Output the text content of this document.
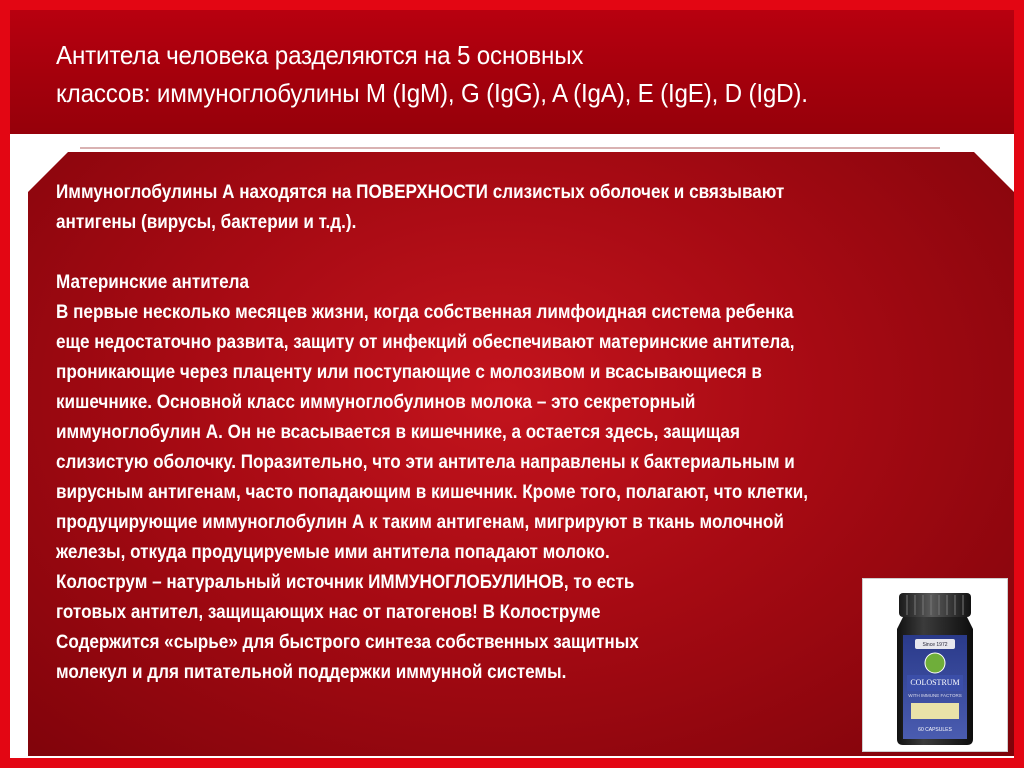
Антитела человека разделяются на 5 основных
классов: иммуноглобулины M (IgM), G (IgG), A (IgA), E (IgE), D (IgD).
Иммуноглобулины А находятся на ПОВЕРХНОСТИ слизистых оболочек и связывают
антигены (вирусы, бактерии и т.д.).
Материнские антитела
В первые несколько месяцев жизни, когда собственная лимфоидная система ребенка
еще недостаточно развита, защиту от инфекций обеспечивают материнские антитела,
проникающие через плаценту или поступающие с молозивом и всасывающиеся в
кишечнике. Основной класс иммуноглобулинов молока – это секреторный
иммуноглобулин А. Он не всасывается в кишечнике, а остается здесь, защищая
слизистую оболочку. Поразительно, что эти антитела направлены к бактериальным и
вирусным антигенам, часто попадающим в кишечник. Кроме того, полагают, что клетки,
продуцирующие иммуноглобулин А к таким антигенам, мигрируют в ткань молочной
железы, откуда продуцируемые ими антитела попадают молоко.
Колострум – натуральный источник ИММУНОГЛОБУЛИНОВ, то есть
готовых антител, защищающих нас от патогенов! В Колоструме
Содержится «сырье» для быстрого синтеза собственных защитных
молекул и для питательной поддержки иммунной системы.
Since 1972
COLOSTRUM
WITH IMMUNE FACTORS
60 CAPSULES
